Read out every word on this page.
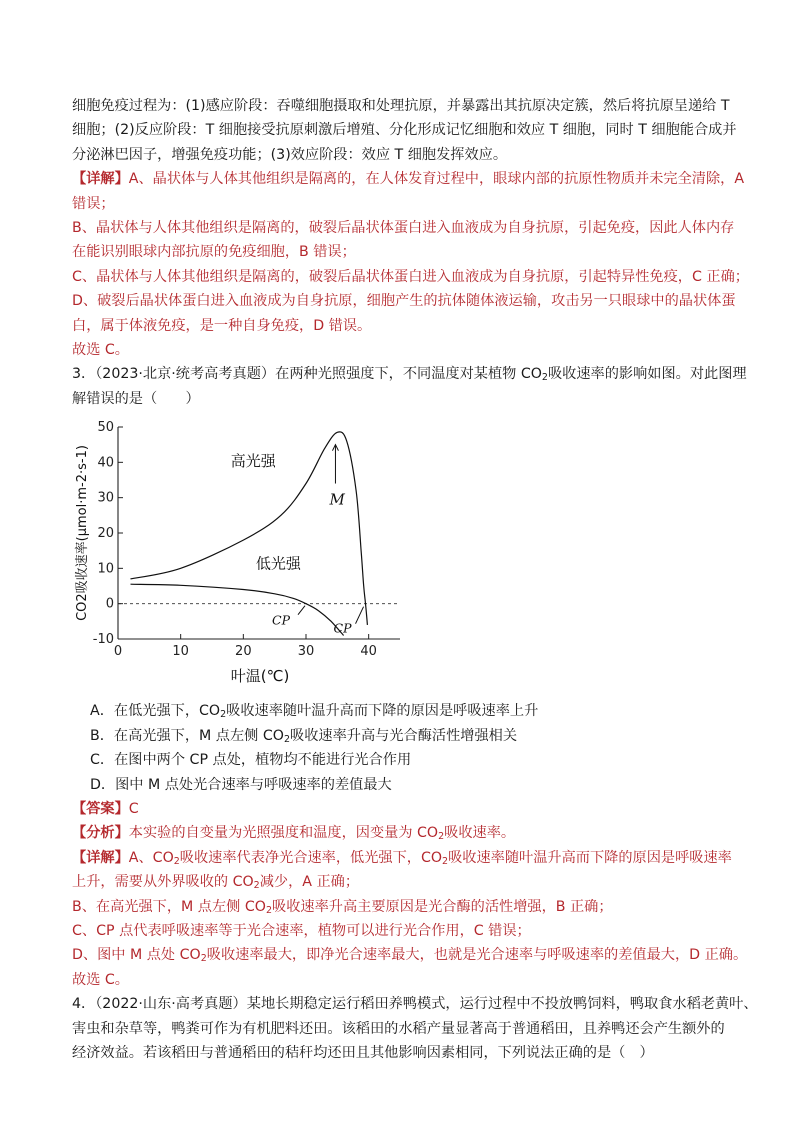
细胞免疫过程为：(1)感应阶段：吞噬细胞摄取和处理抗原，并暴露出其抗原决定簇，然后将抗原呈递给 T

细胞；(2)反应阶段：T 细胞接受抗原刺激后增殖、分化形成记忆细胞和效应 T 细胞，同时 T 细胞能合成并

分泌淋巴因子，增强免疫功能；(3)效应阶段：效应 T 细胞发挥效应。

【详解】A、晶状体与人体其他组织是隔离的，在人体发育过程中，眼球内部的抗原性物质并未完全清除，A

错误；

B、晶状体与人体其他组织是隔离的，破裂后晶状体蛋白进入血液成为自身抗原，引起免疫，因此人体内存

在能识别眼球内部抗原的免疫细胞，B 错误；

C、晶状体与人体其他组织是隔离的，破裂后晶状体蛋白进入血液成为自身抗原，引起特异性免疫，C 正确；

D、破裂后晶状体蛋白进入血液成为自身抗原，细胞产生的抗体随体液运输，攻击另一只眼球中的晶状体蛋

白，属于体液免疫，是一种自身免疫，D 错误。

故选 C。

3．（2023·北京·统考高考真题）在两种光照强度下，不同温度对某植物 $CO_2$吸收速率的影响如图。对此图理

解错误的是（　　）

-10
0
10
20
30
40
50
0	10	20	30	40
高光强
低光强
M
CP
CP
叶温(℃)
CO2吸收速率(μmol·m-2·s-1)

A．在低光强下，$CO_2$吸收速率随叶温升高而下降的原因是呼吸速率上升

B．在高光强下，M 点左侧 $CO_2$吸收速率升高与光合酶活性增强相关

C．在图中两个 CP 点处，植物均不能进行光合作用

D．图中 M 点处光合速率与呼吸速率的差值最大

【答案】C

【分析】本实验的自变量为光照强度和温度，因变量为 $CO_2$吸收速率。

【详解】A、$CO_2$吸收速率代表净光合速率，低光强下，$CO_2$吸收速率随叶温升高而下降的原因是呼吸速率

上升，需要从外界吸收的 $CO_2$减少，A 正确；

B、在高光强下，M 点左侧 $CO_2$吸收速率升高主要原因是光合酶的活性增强，B 正确；

C、CP 点代表呼吸速率等于光合速率，植物可以进行光合作用，C 错误；

D、图中 M 点处 $CO_2$吸收速率最大，即净光合速率最大，也就是光合速率与呼吸速率的差值最大，D 正确。

故选 C。

4．（2022·山东·高考真题）某地长期稳定运行稻田养鸭模式，运行过程中不投放鸭饲料，鸭取食水稻老黄叶、

害虫和杂草等，鸭粪可作为有机肥料还田。该稻田的水稻产量显著高于普通稻田，且养鸭还会产生额外的

经济效益。若该稻田与普通稻田的秸秆均还田且其他影响因素相同，下列说法正确的是（　）
